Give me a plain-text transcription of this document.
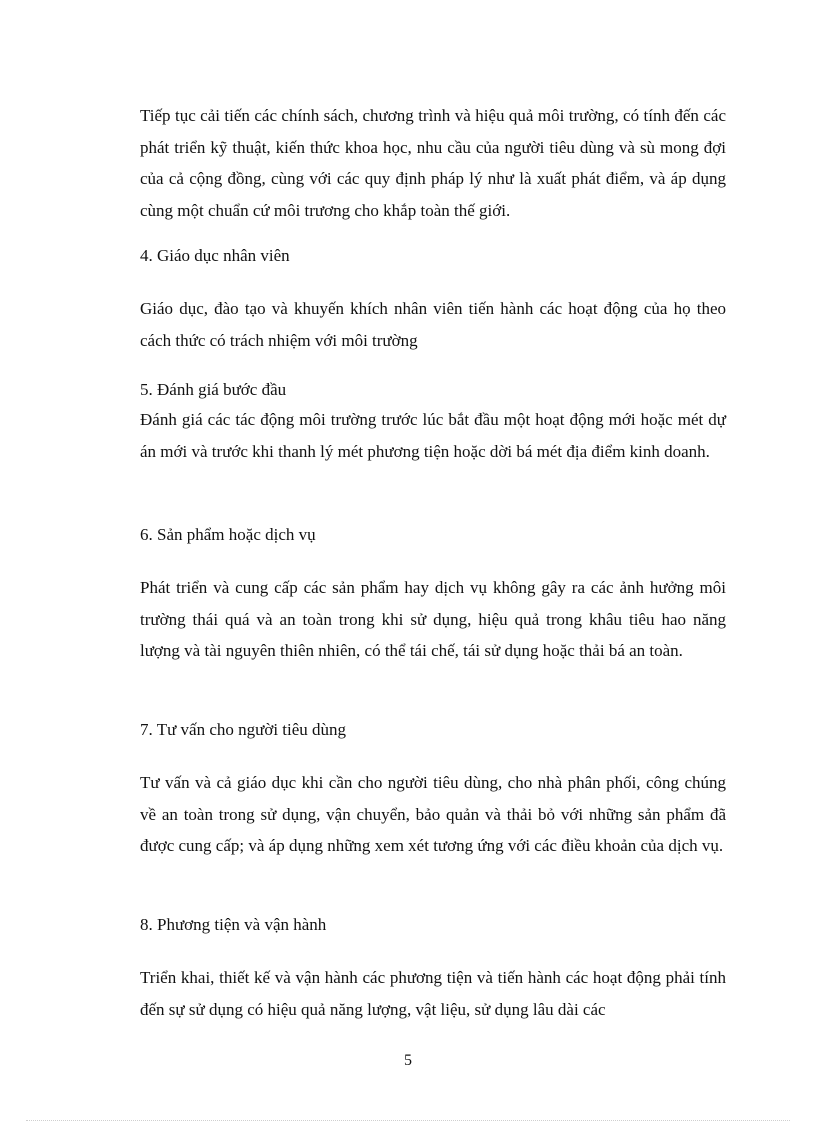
Tiếp tục cải tiến các chính sách, chương trình và hiệu quả môi trường, có tính đến các phát triển kỹ thuật, kiến thức khoa học, nhu cầu của người tiêu dùng và sù mong đợi của cả cộng đồng, cùng với các quy định pháp lý như là xuất phát điểm, và áp dụng cùng một chuẩn cứ môi trương cho khắp toàn thế giới.

4. Giáo dục nhân viên

Giáo dục, đào tạo và khuyến khích nhân viên tiến hành các hoạt động của họ theo cách thức có trách nhiệm với môi trường

5. Đánh giá bước đầu

Đánh giá các tác động môi trường trước lúc bắt đầu một hoạt động mới hoặc mét dự án mới và trước khi thanh lý mét phương tiện hoặc dời bá mét địa điểm kinh doanh.

6. Sản phẩm hoặc dịch vụ

Phát triển và cung cấp các sản phẩm hay dịch vụ không gây ra các ảnh hưởng môi trường thái quá và an toàn trong khi sử dụng, hiệu quả trong khâu tiêu hao năng lượng và tài nguyên thiên nhiên, có thể tái chế, tái sử dụng hoặc thải bá an toàn.

7. Tư vấn cho người tiêu dùng

Tư vấn và cả giáo dục khi cần cho người tiêu dùng, cho nhà phân phối, công chúng về an toàn trong sử dụng, vận chuyển, bảo quản và thải bỏ với những sản phẩm đã được cung cấp; và áp dụng những xem xét tương ứng với các điều khoản của dịch vụ.

8. Phương tiện và vận hành

Triển khai, thiết kế và vận hành các phương tiện và tiến hành các hoạt động phải tính đến sự sử dụng có hiệu quả năng lượng, vật liệu, sử dụng lâu dài các

5
